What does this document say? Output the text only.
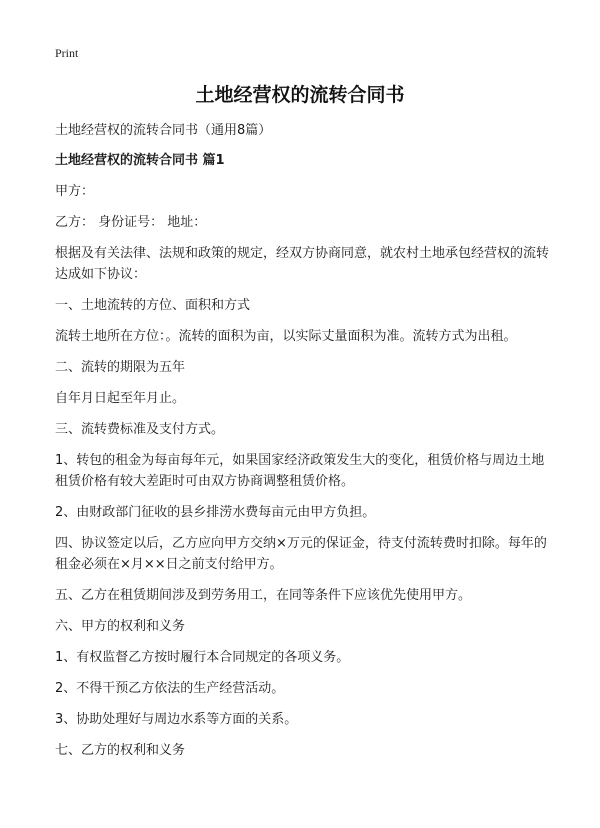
Print
土地经营权的流转合同书
土地经营权的流转合同书（通用8篇）
土地经营权的流转合同书 篇1
甲方：
乙方： 身份证号： 地址：
根据及有关法律、法规和政策的规定，经双方协商同意，就农村土地承包经营权的流转达成如下协议：
一、土地流转的方位、面积和方式
流转土地所在方位：。流转的面积为亩，以实际丈量面积为准。流转方式为出租。
二、流转的期限为五年
自年月日起至年月止。
三、流转费标准及支付方式。
1、转包的租金为每亩每年元，如果国家经济政策发生大的变化，租赁价格与周边土地租赁价格有较大差距时可由双方协商调整租赁价格。
2、由财政部门征收的县乡排涝水费每亩元由甲方负担。
四、协议签定以后，乙方应向甲方交纳×万元的保证金，待支付流转费时扣除。每年的租金必须在×月××日之前支付给甲方。
五、乙方在租赁期间涉及到劳务用工，在同等条件下应该优先使用甲方。
六、甲方的权利和义务
1、有权监督乙方按时履行本合同规定的各项义务。
2、不得干预乙方依法的生产经营活动。
3、协助处理好与周边水系等方面的关系。
七、乙方的权利和义务
